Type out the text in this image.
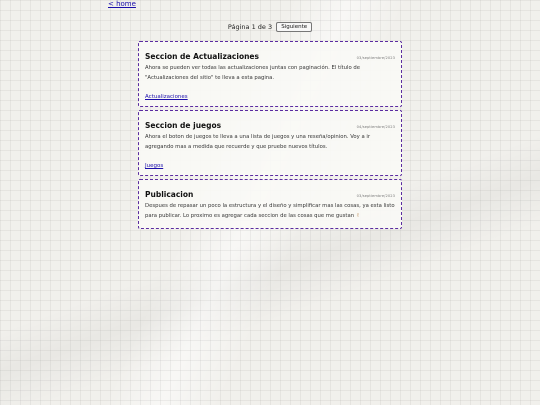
< home
Página 1 de 3 Siguiente
Seccion de Actualizaciones	03/septiembre/2023
Ahora se pueden ver todas las actualizaciones juntas con paginación. El título de "Actualizaciones del sitio" te lleva a esta pagina.
Actualizaciones
Seccion de juegos	04/septiembre/2023
Ahora el boton de juegos te lleva a una lista de juegos y una reseña/opinion. Voy a ir agregando mas a medida que recuerde y que pruebe nuevos títulos.
Juegos
Publicacion	03/septiembre/2023
Despues de repasar un poco la estructura y el diseño y simplificar mas las cosas, ya esta listo para publicar. Lo proximo es agregar cada seccion de las cosas que me gustan ✌
